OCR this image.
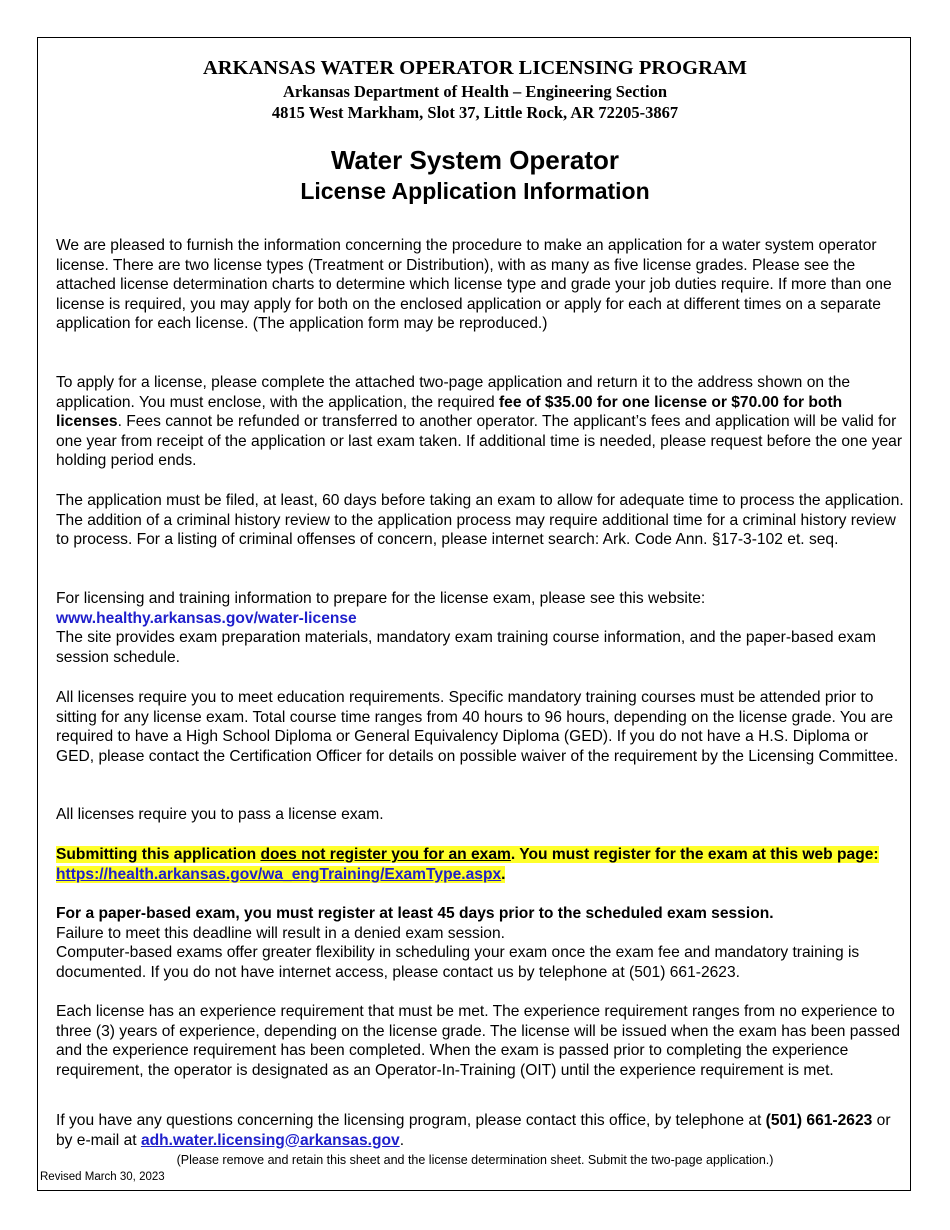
ARKANSAS WATER OPERATOR LICENSING PROGRAM
Arkansas Department of Health – Engineering Section
4815 West Markham, Slot 37, Little Rock, AR 72205-3867
Water System Operator
License Application Information

We are pleased to furnish the information concerning the procedure to make an application for a water system operator license. There are two license types (Treatment or Distribution), with as many as five license grades. Please see the attached license determination charts to determine which license type and grade your job duties require. If more than one license is required, you may apply for both on the enclosed application or apply for each at different times on a separate application for each license. (The application form may be reproduced.)

To apply for a license, please complete the attached two-page application and return it to the address shown on the application. You must enclose, with the application, the required fee of $35.00 for one license or $70.00 for both licenses. Fees cannot be refunded or transferred to another operator. The applicant’s fees and application will be valid for one year from receipt of the application or last exam taken. If additional time is needed, please request before the one year holding period ends.

The application must be filed, at least, 60 days before taking an exam to allow for adequate time to process the application. The addition of a criminal history review to the application process may require additional time for a criminal history review to process. For a listing of criminal offenses of concern, please internet search: Ark. Code Ann. §17-3-102 et. seq.

For licensing and training information to prepare for the license exam, please see this website:

www.healthy.arkansas.gov/water-license

The site provides exam preparation materials, mandatory exam training course information, and the paper-based exam session schedule.

All licenses require you to meet education requirements. Specific mandatory training courses must be attended prior to sitting for any license exam. Total course time ranges from 40 hours to 96 hours, depending on the license grade. You are required to have a High School Diploma or General Equivalency Diploma (GED). If you do not have a H.S. Diploma or GED, please contact the Certification Officer for details on possible waiver of the requirement by the Licensing Committee.

All licenses require you to pass a license exam.

Submitting this application does not register you for an exam. You must register for the exam at this web page: https://health.arkansas.gov/wa_engTraining/ExamType.aspx.

For a paper-based exam, you must register at least 45 days prior to the scheduled exam session.

Failure to meet this deadline will result in a denied exam session.

Computer-based exams offer greater flexibility in scheduling your exam once the exam fee and mandatory training is documented. If you do not have internet access, please contact us by telephone at (501) 661-2623.

Each license has an experience requirement that must be met. The experience requirement ranges from no experience to three (3) years of experience, depending on the license grade. The license will be issued when the exam has been passed and the experience requirement has been completed. When the exam is passed prior to completing the experience requirement, the operator is designated as an Operator-In-Training (OIT) until the experience requirement is met.

If you have any questions concerning the licensing program, please contact this office, by telephone at (501) 661-2623 or by e-mail at adh.water.licensing@arkansas.gov.

(Please remove and retain this sheet and the license determination sheet. Submit the two-page application.)
Revised March 30, 2023
